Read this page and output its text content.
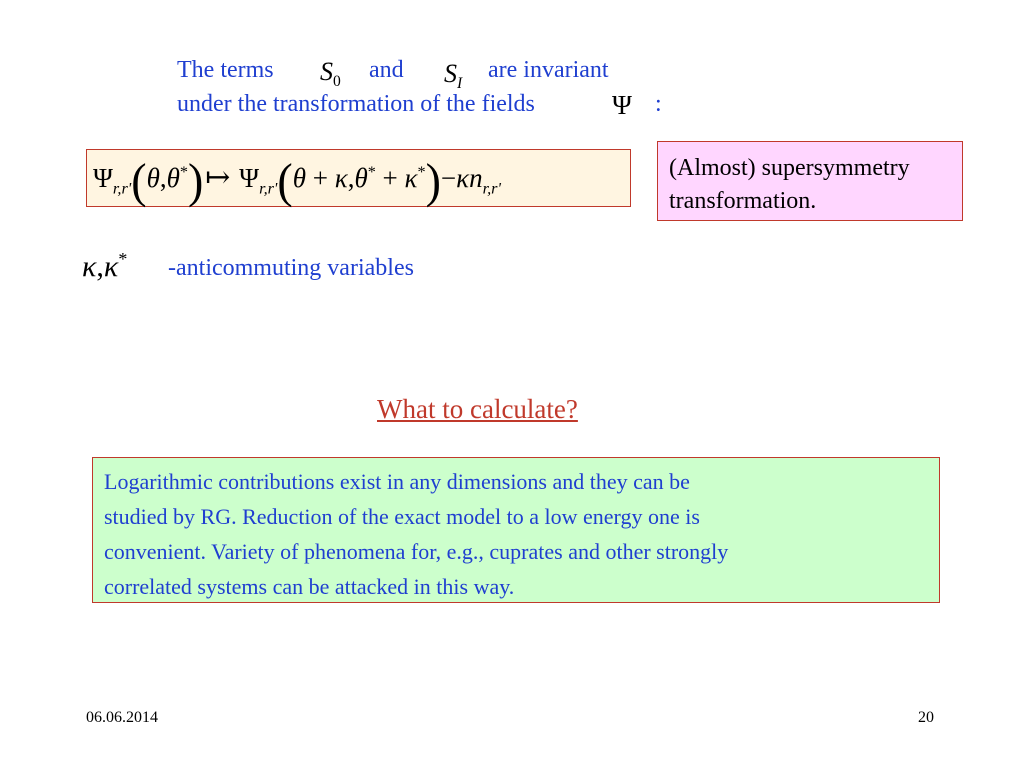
The terms $S_0$ and $S_I$
are invariant
under the transformation of the fields	Ψ :
$\Psi_{r,r'}(\theta,\theta^*)↦$ $\Psi_{r,r'}(\theta + \kappa,\theta^* + \kappa^*)-\kappa n_{r,r'}$
(Almost) supersymmetry
transformation.
κ,κ* -anticommuting variables
What to calculate?
Logarithmic contributions exist in any dimensions and they can be
studied by RG. Reduction of the exact model to a low energy one is
convenient. Variety of phenomena for, e.g., cuprates and other strongly
correlated systems can be attacked in this way.
06.06.2014	20
